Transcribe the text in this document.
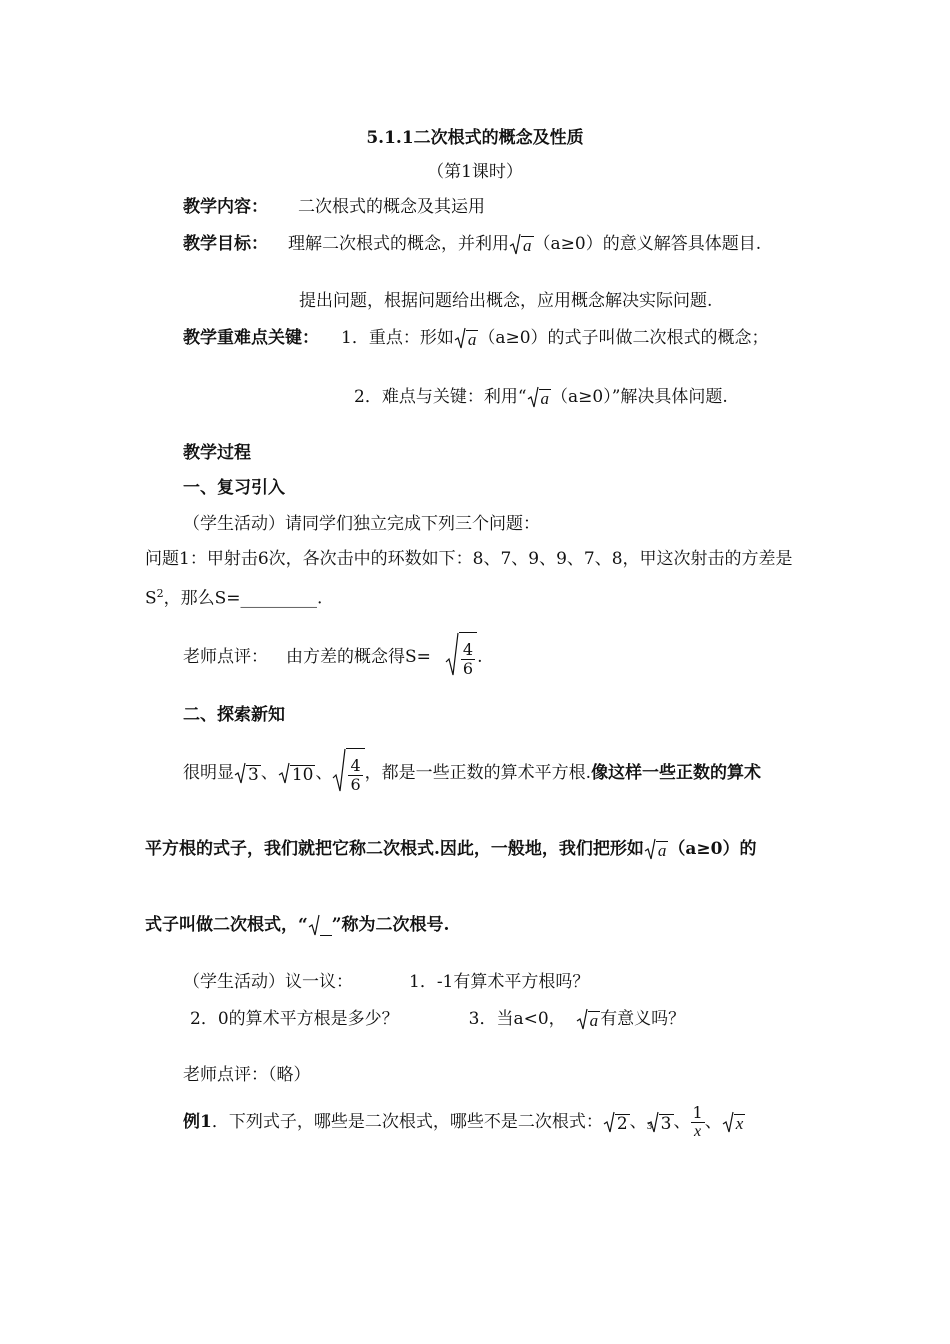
5.1.1二次根式的概念及性质
（第1课时）
教学内容： 二次根式的概念及其运用
教学目标： 理解二次根式的概念，并利用 a （a≥0）的意义解答具体题目.
提出问题，根据问题给出概念，应用概念解决实际问题.
教学重难点关键： 1．重点：形如 a （a≥0）的式子叫做二次根式的概念；
2．难点与关键：利用“ a （a≥0）”解决具体问题.
教学过程
一、复习引入
（学生活动）请同学们独立完成下列三个问题：
问题1：甲射击6次，各次击中的环数如下：8、7、9、9、7、8，甲这次射击的方差是
$S^2$，那么S=_________.
老师点评： 由方差的概念得$S= \frac{4}{6}$ .
二、探索新知
很明显 3 、 10 、 $\frac{4}{6}$ ，都是一些正数的算术平方根.像这样一些正数的算术
平方根的式子，我们就把它称二次根式.因此，一般地，我们把形如 a （a≥0）的
式子叫做二次根式，“ ”称为二次根号.
（学生活动）议一议：	1．-1有算术平方根吗？
2．0的算术平方根是多少？	3．当a<0， a 有意义吗？
老师点评：（略）
例1．下列式子，哪些是二次根式，哪些不是二次根式： 2 、 3 3 、 $\frac{1}{x}$ 、 x
